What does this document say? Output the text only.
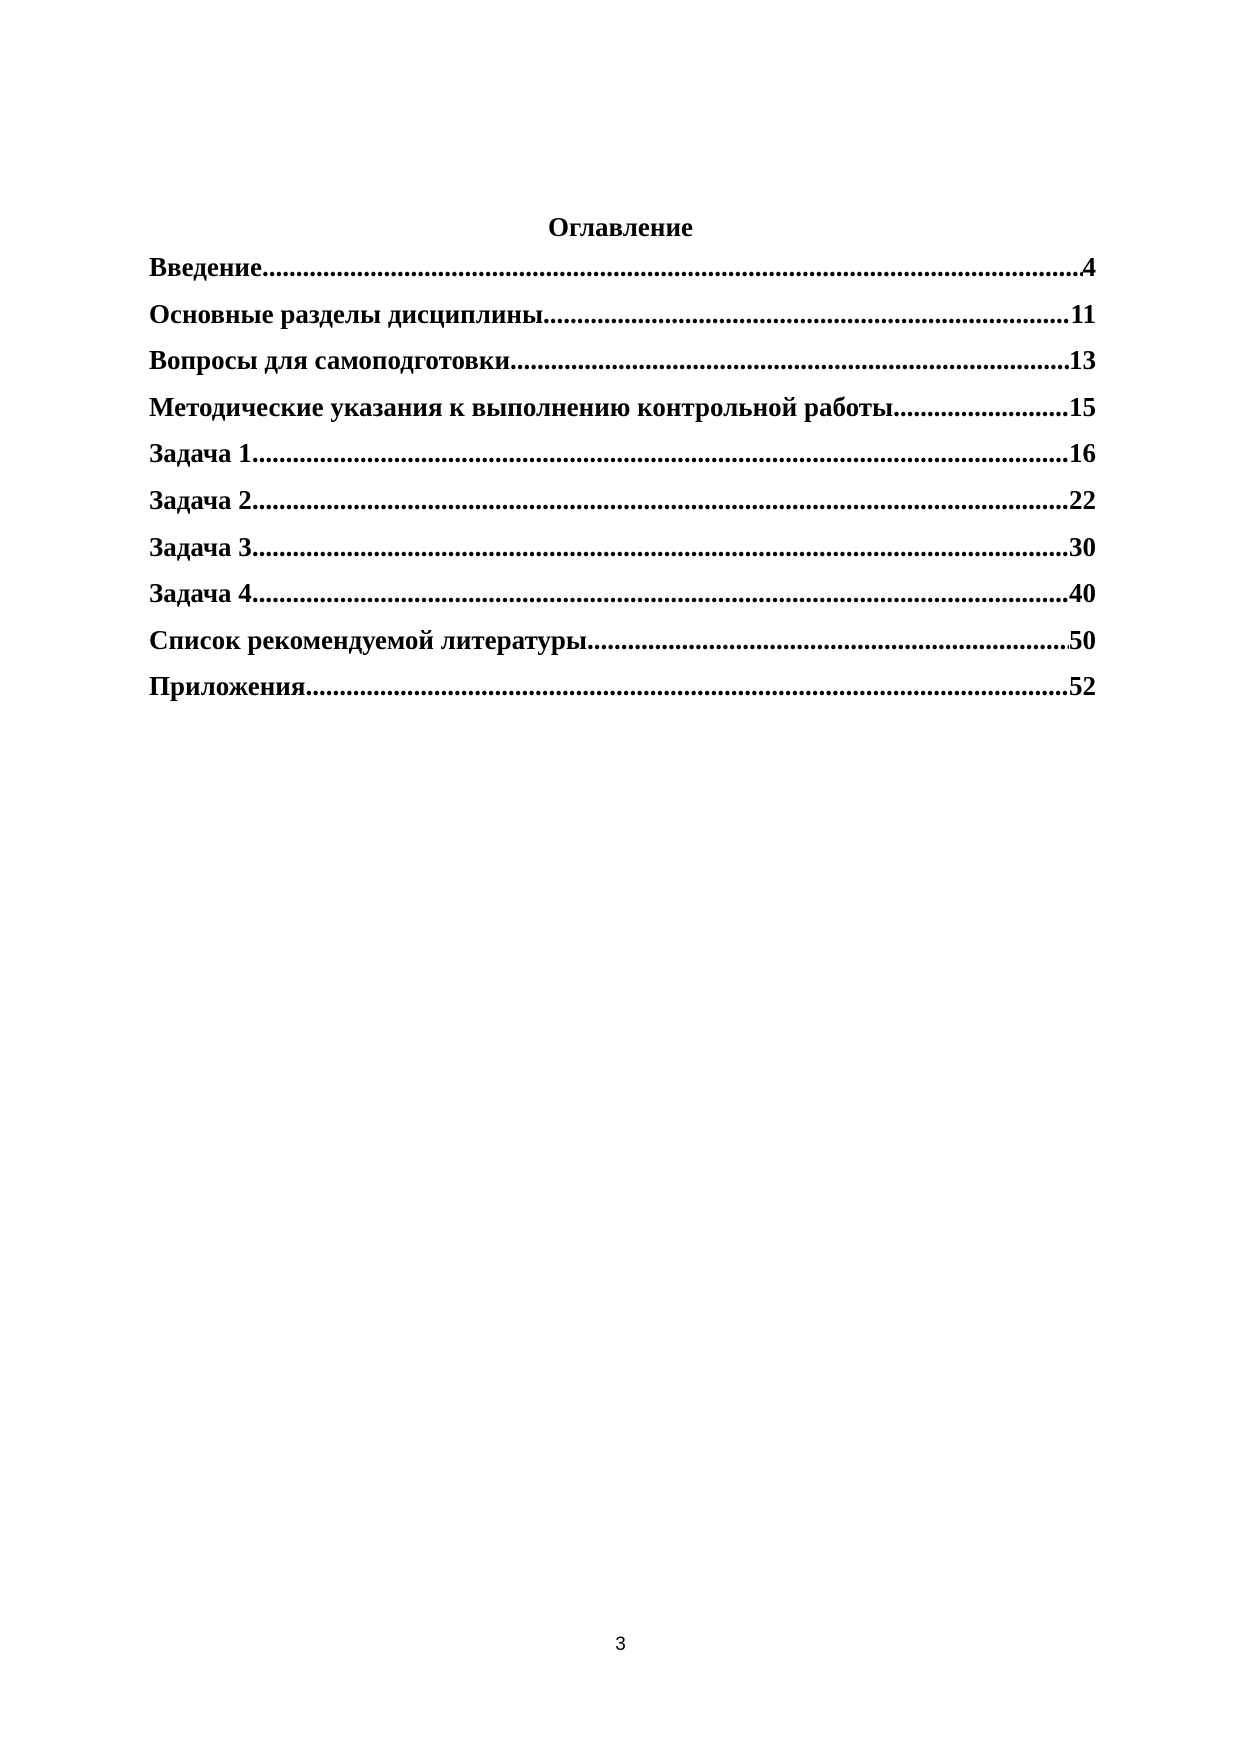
Оглавление
Введение .....	4
Основные разделы дисциплины .....	11
Вопросы для самоподготовки .....	13
Методические указания к выполнению контрольной работы .....	15
Задача 1 .....	16
Задача 2 .....	22
Задача 3 .....	30
Задача 4 .....	40
Список рекомендуемой литературы .....	50
Приложения .....	52
3
